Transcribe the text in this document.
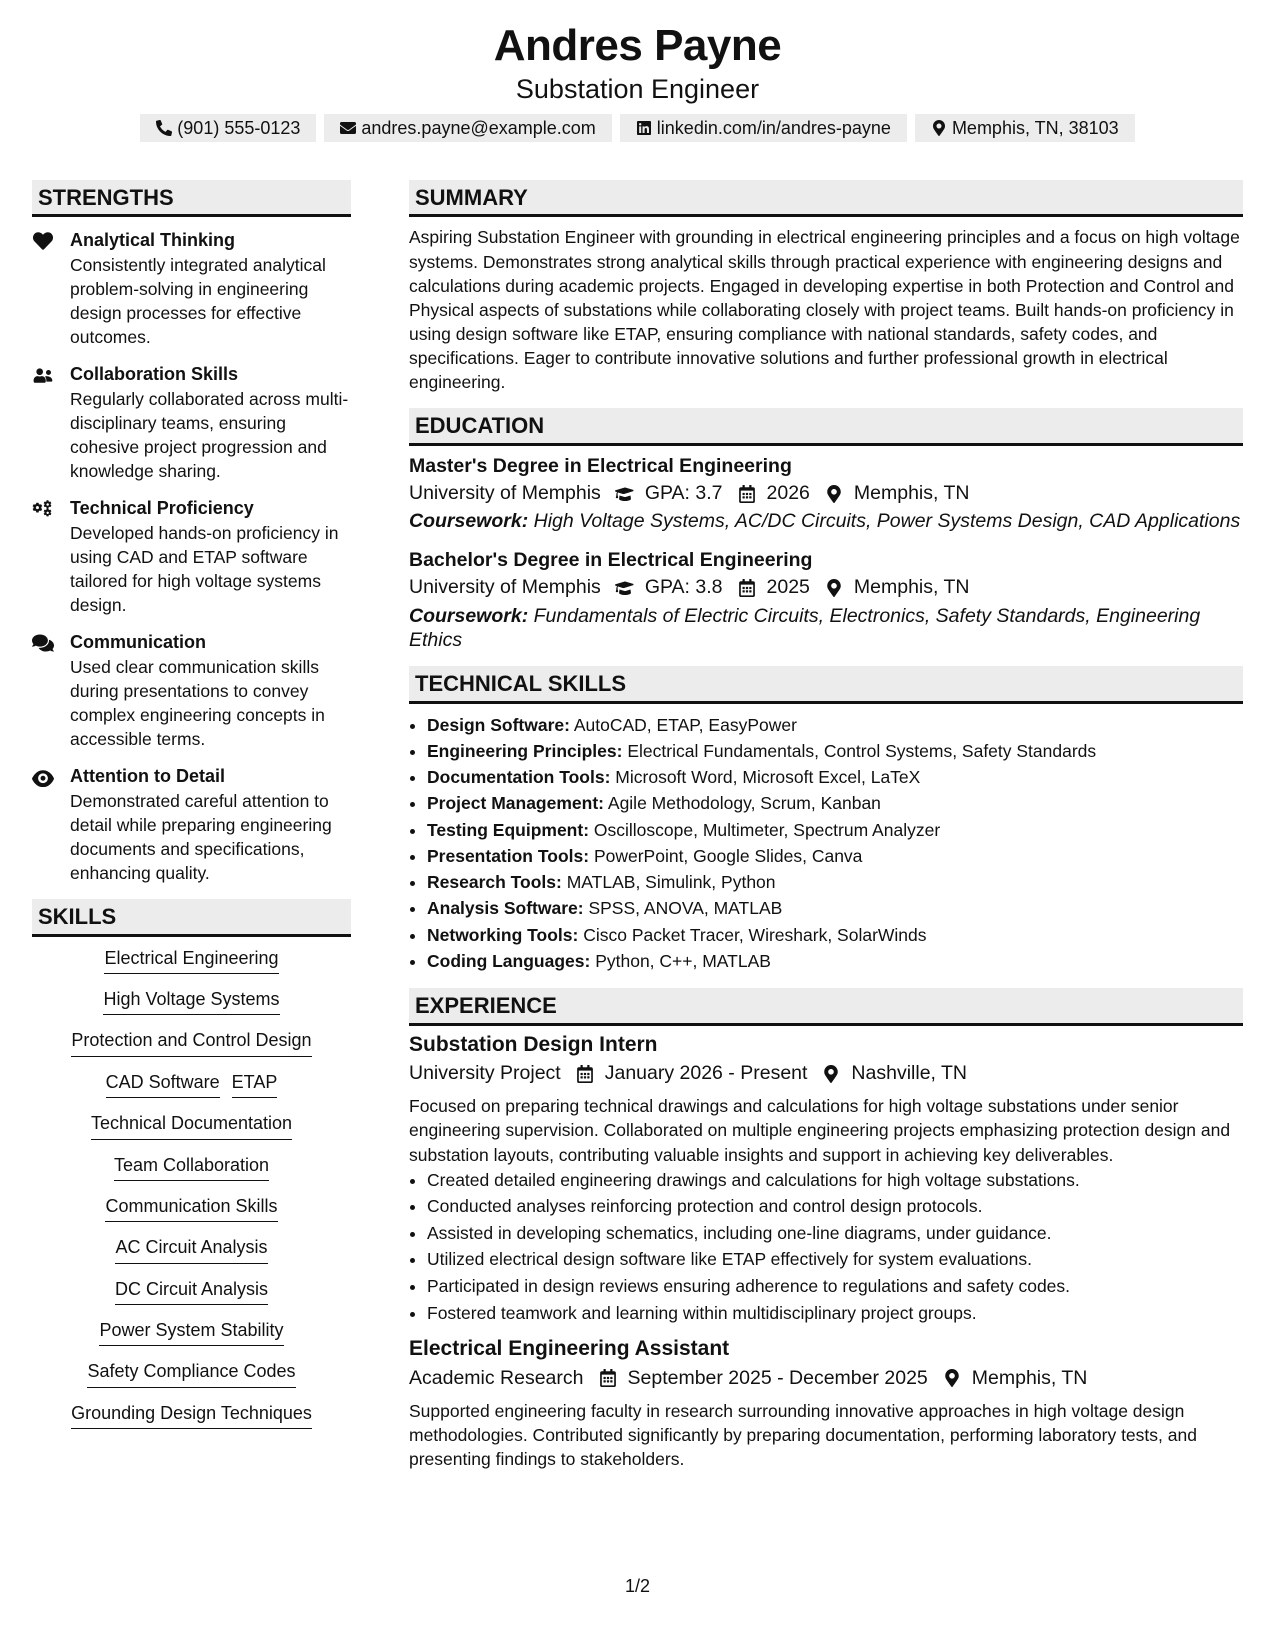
Andres Payne
Substation Engineer
(901) 555-0123	andres.payne@example.com	linkedin.com/in/andres-payne	Memphis, TN, 38103
STRENGTHS
Analytical Thinking
Consistently integrated analytical problem-solving in engineering design processes for effective outcomes.
Collaboration Skills
Regularly collaborated across multi-disciplinary teams, ensuring cohesive project progression and knowledge sharing.
Technical Proficiency
Developed hands-on proficiency in using CAD and ETAP software tailored for high voltage systems design.
Communication
Used clear communication skills during presentations to convey complex engineering concepts in accessible terms.
Attention to Detail
Demonstrated careful attention to detail while preparing engineering documents and specifications, enhancing quality.
SKILLS
Electrical Engineering
High Voltage Systems
Protection and Control Design
CAD Software ETAP
Technical Documentation
Team Collaboration
Communication Skills
AC Circuit Analysis
DC Circuit Analysis
Power System Stability
Safety Compliance Codes
Grounding Design Techniques
SUMMARY
Aspiring Substation Engineer with grounding in electrical engineering principles and a focus on high voltage systems. Demonstrates strong analytical skills through practical experience with engineering designs and calculations during academic projects. Engaged in developing expertise in both Protection and Control and Physical aspects of substations while collaborating closely with project teams. Built hands-on proficiency in using design software like ETAP, ensuring compliance with national standards, safety codes, and specifications. Eager to contribute innovative solutions and further professional growth in electrical engineering.
EDUCATION
Master's Degree in Electrical Engineering
University of Memphis GPA: 3.7 2026 Memphis, TN
Coursework: High Voltage Systems, AC/DC Circuits, Power Systems Design, CAD Applications
Bachelor's Degree in Electrical Engineering
University of Memphis GPA: 3.8 2025 Memphis, TN
Coursework: Fundamentals of Electric Circuits, Electronics, Safety Standards, Engineering Ethics
TECHNICAL SKILLS
• Design Software: AutoCAD, ETAP, EasyPower
• Engineering Principles: Electrical Fundamentals, Control Systems, Safety Standards
• Documentation Tools: Microsoft Word, Microsoft Excel, LaTeX
• Project Management: Agile Methodology, Scrum, Kanban
• Testing Equipment: Oscilloscope, Multimeter, Spectrum Analyzer
• Presentation Tools: PowerPoint, Google Slides, Canva
• Research Tools: MATLAB, Simulink, Python
• Analysis Software: SPSS, ANOVA, MATLAB
• Networking Tools: Cisco Packet Tracer, Wireshark, SolarWinds
• Coding Languages: Python, C++, MATLAB
EXPERIENCE
Substation Design Intern
University Project January 2026 - Present Nashville, TN
Focused on preparing technical drawings and calculations for high voltage substations under senior engineering supervision. Collaborated on multiple engineering projects emphasizing protection design and substation layouts, contributing valuable insights and support in achieving key deliverables.
• Created detailed engineering drawings and calculations for high voltage substations.
• Conducted analyses reinforcing protection and control design protocols.
• Assisted in developing schematics, including one-line diagrams, under guidance.
• Utilized electrical design software like ETAP effectively for system evaluations.
• Participated in design reviews ensuring adherence to regulations and safety codes.
• Fostered teamwork and learning within multidisciplinary project groups.
Electrical Engineering Assistant
Academic Research September 2025 - December 2025 Memphis, TN
Supported engineering faculty in research surrounding innovative approaches in high voltage design methodologies. Contributed significantly by preparing documentation, performing laboratory tests, and presenting findings to stakeholders.
1/2
